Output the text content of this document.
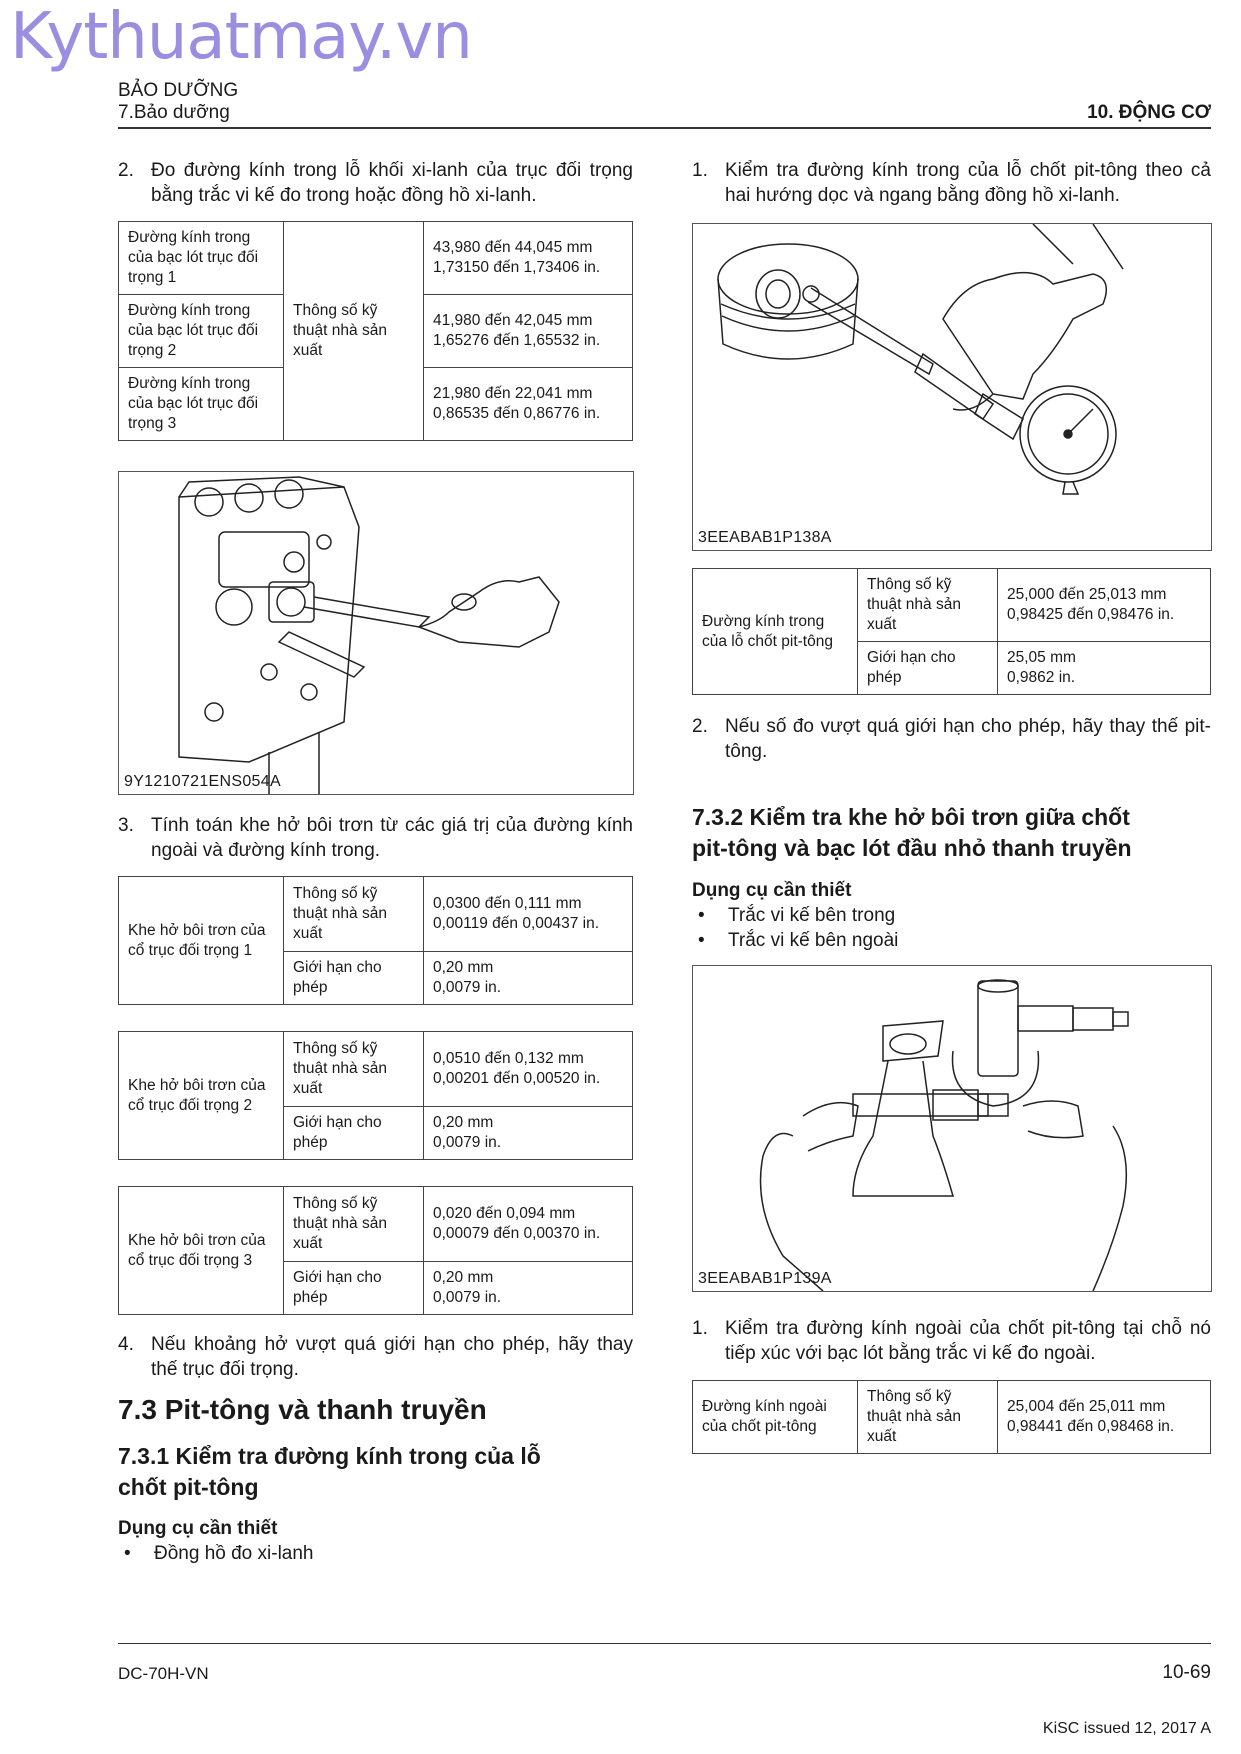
Kythuatmay.vn
BẢO DƯỠNG
7.Bảo dưỡng	10. ĐỘNG CƠ
2. Đo đường kính trong lỗ khối xi-lanh của trục đối trọng bằng trắc vi kế đo trong hoặc đồng hồ xi-lanh.
Đường kính trong của bạc lót trục đối trọng 1	Thông số kỹ thuật nhà sản xuất	43,980 đến 44,045 mm
1,73150 đến 1,73406 in.

Đường kính trong của bạc lót trục đối trọng 2		41,980 đến 42,045 mm
1,65276 đến 1,65532 in.

Đường kính trong của bạc lót trục đối trọng 3		21,980 đến 22,041 mm
0,86535 đến 0,86776 in.
9Y1210721ENS054A
3. Tính toán khe hở bôi trơn từ các giá trị của đường kính ngoài và đường kính trong.
Khe hở bôi trơn của cổ trục đối trọng 1	Thông số kỹ thuật nhà sản xuất	0,0300 đến 0,111 mm
0,00119 đến 0,00437 in.

	Giới hạn cho phép	0,20 mm
0,0079 in.
Khe hở bôi trơn của cổ trục đối trọng 2	Thông số kỹ thuật nhà sản xuất	0,0510 đến 0,132 mm
0,00201 đến 0,00520 in.

	Giới hạn cho phép	0,20 mm
0,0079 in.
Khe hở bôi trơn của cổ trục đối trọng 3	Thông số kỹ thuật nhà sản xuất	0,020 đến 0,094 mm
0,00079 đến 0,00370 in.

	Giới hạn cho phép	0,20 mm
0,0079 in.
4. Nếu khoảng hở vượt quá giới hạn cho phép, hãy thay thế trục đối trọng.
7.3 Pit-tông và thanh truyền
7.3.1 Kiểm tra đường kính trong của lỗ
chốt pit-tông
Dụng cụ cần thiết
• Đồng hồ đo xi-lanh
1. Kiểm tra đường kính trong của lỗ chốt pit-tông theo cả hai hướng dọc và ngang bằng đồng hồ xi-lanh.
3EEABAB1P138A
Đường kính trong của lỗ chốt pit-tông	Thông số kỹ thuật nhà sản xuất	25,000 đến 25,013 mm
0,98425 đến 0,98476 in.

	Giới hạn cho phép	25,05 mm
0,9862 in.
2. Nếu số đo vượt quá giới hạn cho phép, hãy thay thế pit-tông.
7.3.2 Kiểm tra khe hở bôi trơn giữa chốt
pit-tông và bạc lót đầu nhỏ thanh truyền
Dụng cụ cần thiết
• Trắc vi kế bên trong
• Trắc vi kế bên ngoài
3EEABAB1P139A
1. Kiểm tra đường kính ngoài của chốt pit-tông tại chỗ nó tiếp xúc với bạc lót bằng trắc vi kế đo ngoài.
Đường kính ngoài của chốt pit-tông	Thông số kỹ thuật nhà sản xuất	
25,004 đến 25,011 mm
0,98441 đến 0,98468 in.
DC-70H-VN	10-69
KiSC issued 12, 2017 A
